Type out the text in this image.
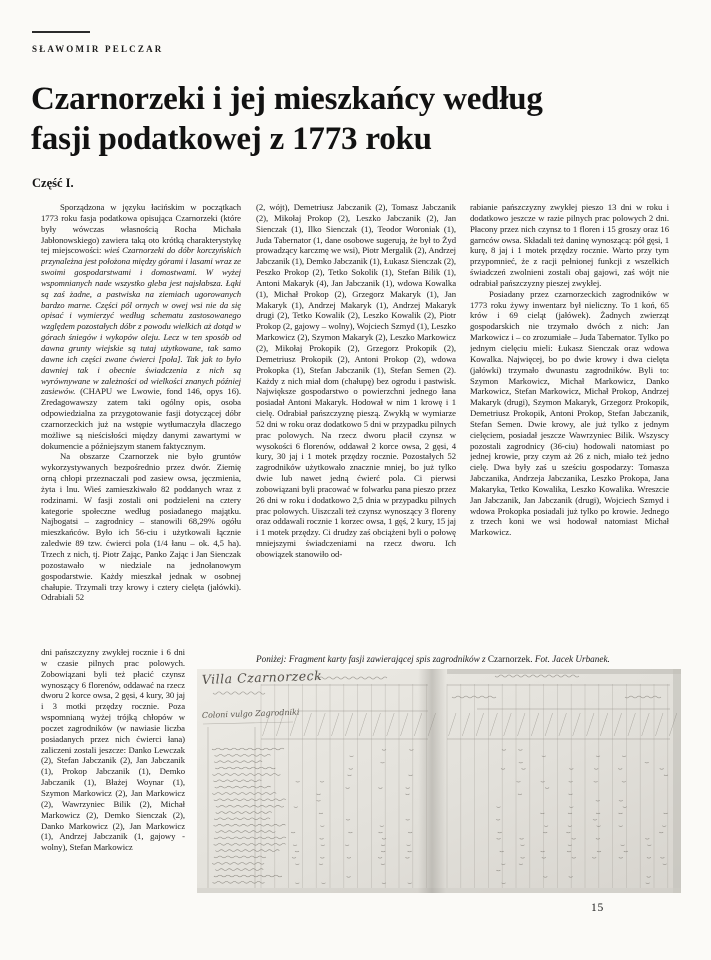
SŁAWOMIR PELCZAR
Czarnorzeki i jej mieszkańcy według
fasji podatkowej z 1773 roku
Część I.

Sporządzona w języku łacińskim w początkach 1773 roku fasja podatkowa opisująca Czarnorzeki (które były wówczas własnością Rocha Michała Jabłonowskiego) zawiera taką oto krótką charakterystykę tej miejscowości: wieś Czarnorzeki do dóbr korczyńskich przynależna jest położona między górami i lasami wraz ze swoimi gospodarstwami i domostwami. W wyżej wspomnianych nade wszystko gleba jest najsłabsza. Łąki są zaś żadne, a pastwiska na ziemiach ugorowanych bardzo marne. Części pól ornych w owej wsi nie da się opisać i wymierzyć według schematu zastosowanego względem pozostałych dóbr z powodu wielkich aż dotąd w górach śniegów i wykopów oleju. Lecz w ten sposób od dawna grunty wiejskie są tutaj użytkowane, tak samo dawne ich części zwane ćwierci [poła]. Tak jak to było dawniej tak i obecnie świadczenia z nich są wyrównywane w zależności od wielkości znanych później zasiewów. (CHAPU we Lwowie, fond 146, opys 16). Zredagowawszy zatem taki ogólny opis, osoba odpowiedzialna za przygotowanie fasji dotyczącej dóbr czarnorzeckich już na wstępie wytłumaczyła dlaczego możliwe są nieścisłości między danymi zawartymi w dokumencie a późniejszym stanem faktycznym.

Na obszarze Czarnorzek nie było gruntów wykorzystywanych bezpośrednio przez dwór. Ziemię orną chłopi przeznaczali pod zasiew owsa, jęczmienia, żyta i lnu. Wieś zamieszkiwało 82 poddanych wraz z rodzinami. W fasji zostali oni podzieleni na cztery kategorie społeczne według posiadanego majątku. Najbogatsi – zagrodnicy – stanowili 68,29% ogółu mieszkańców. Było ich 56-ciu i użytkowali łącznie zaledwie 89 tzw. ćwierci pola (1/4 łanu – ok. 4,5 ha). Trzech z nich, tj. Piotr Zając, Panko Zając i Jan Sienczak pozostawało w niedziale na jednołanowym gospodarstwie. Każdy mieszkał jednak w osobnej chałupie. Trzymali trzy krowy i cztery cielęta (jałówki). Odrabiali 52

(2, wójt), Demetriusz Jabczanik (2), Tomasz Jabczanik (2), Mikołaj Prokop (2), Leszko Jabczanik (2), Jan Sienczak (1), Ilko Sienczak (1), Teodor Woroniak (1), Juda Tabernator (1, dane osobowe sugerują, że był to Żyd prowadzący karczmę we wsi), Piotr Mergalik (2), Andrzej Jabczanik (1), Demko Jabczanik (1), Łukasz Sienczak (2), Peszko Prokop (2), Tetko Sokolik (1), Stefan Bilik (1), Antoni Makaryk (4), Jan Jabczanik (1), wdowa Kowalka (1), Michał Prokop (2), Grzegorz Makaryk (1), Jan Makaryk (1), Andrzej Makaryk (1), Andrzej Makaryk drugi (2), Tetko Kowalik (2), Leszko Kowalik (2), Piotr Prokop (2, gajowy – wolny), Wojciech Szmyd (1), Leszko Markowicz (2), Szymon Makaryk (2), Leszko Markowicz (2), Mikołaj Prokopik (2), Grzegorz Prokopik (2), Demetriusz Prokopik (2), Antoni Prokop (2), wdowa Prokopka (1), Stefan Jabczanik (1), Stefan Semen (2). Każdy z nich miał dom (chałupę) bez ogrodu i pastwisk. Największe gospodarstwo o powierzchni jednego łana posiadał Antoni Makaryk. Hodował w nim 1 krowę i 1 cielę. Odrabiał pańszczyznę pieszą. Zwykłą w wymiarze 52 dni w roku oraz dodatkowo 5 dni w przypadku pilnych prac polowych. Na rzecz dworu płacił czynsz w wysokości 6 florenów, oddawał 2 korce owsa, 2 gęsi, 4 kury, 30 jaj i 1 motek przędzy rocznie. Pozostałych 52 zagrodników użytkowało znacznie mniej, bo już tylko dwie lub nawet jedną ćwierć pola. Ci pierwsi zobowiązani byli pracować w folwarku pana pieszo przez 26 dni w roku i dodatkowo 2,5 dnia w przypadku pilnych prac polowych. Uiszczali też czynsz wynoszący 3 floreny oraz oddawali rocznie 1 korzec owsa, 1 gęś, 2 kury, 15 jaj i 1 motek przędzy. Ci drudzy zaś obciążeni byli o połowę mniejszymi świadczeniami na rzecz dworu. Ich obowiązek stanowiło od-

rabianie pańszczyzny zwykłej pieszo 13 dni w roku i dodatkowo jeszcze w razie pilnych prac polowych 2 dni. Płacony przez nich czynsz to 1 floren i 15 groszy oraz 16 garnców owsa. Składali też daninę wynoszącą: pół gęsi, 1 kurę, 8 jaj i 1 motek przędzy rocznie. Warto przy tym przypomnieć, że z racji pełnionej funkcji z wszelkich świadczeń zwolnieni zostali obaj gajowi, zaś wójt nie odrabiał pańszczyzny pieszej zwykłej.

Posiadany przez czarnorzeckich zagrodników w 1773 roku żywy inwentarz był nieliczny. To 1 koń, 65 krów i 69 cieląt (jałówek). Żadnych zwierząt gospodarskich nie trzymało dwóch z nich: Jan Markowicz i – co zrozumiałe – Juda Tabernator. Tylko po jednym cielęciu mieli: Łukasz Sienczak oraz wdowa Kowalka. Najwięcej, bo po dwie krowy i dwa cielęta (jałówki) trzymało dwunastu zagrodników. Byli to: Szymon Markowicz, Michał Markowicz, Danko Markowicz, Stefan Markowicz, Michał Prokop, Andrzej Makaryk (drugi), Szymon Makaryk, Grzegorz Prokopik, Demetriusz Prokopik, Antoni Prokop, Stefan Jabczanik, Stefan Semen. Dwie krowy, ale już tylko z jednym cielęciem, posiadał jeszcze Wawrzyniec Bilik. Wszyscy pozostali zagrodnicy (36-ciu) hodowali natomiast po jednej krowie, przy czym aż 26 z nich, miało też jedno cielę. Dwa były zaś u sześciu gospodarzy: Tomasza Jabczanika, Andrzeja Jabczanika, Leszko Prokopa, Jana Makaryka, Tetko Kowalika, Leszko Kowalika. Wreszcie Jan Jabczanik, Jan Jabczanik (drugi), Wojciech Szmyd i wdowa Prokopka posiadali już tylko po krowie. Jednego z trzech koni we wsi hodował natomiast Michał Markowicz.

dni pańszczyzny zwykłej rocznie i 6 dni w czasie pilnych prac polowych. Zobowiązani byli też płacić czynsz wynoszący 6 florenów, oddawać na rzecz dworu 2 korce owsa, 2 gęsi, 4 kury, 30 jaj i 3 motki przędzy rocznie. Poza wspomnianą wyżej trójką chłopów w poczet zagrodników (w nawiasie liczba posiadanych przez nich ćwierci łana) zaliczeni zostali jeszcze: Danko Lewczak (2), Stefan Jabczanik (2), Jan Jabczanik (1), Prokop Jabczanik (1), Demko Jabczanik (1), Błażej Woynar (1), Szymon Markowicz (2), Jan Markowicz (2), Wawrzyniec Bilik (2), Michał Markowicz (2), Demko Sienczak (2), Danko Markowicz (2), Jan Markowicz (1), Andrzej Jabczanik (1, gajowy - wolny), Stefan Markowicz

Poniżej: Fragment karty fasji zawierającej spis zagrodników z Czarnorzek. Fot. Jacek Urbanek.

Villa Czarnorzeck
Coloni vulgo Zagrodniki
15
